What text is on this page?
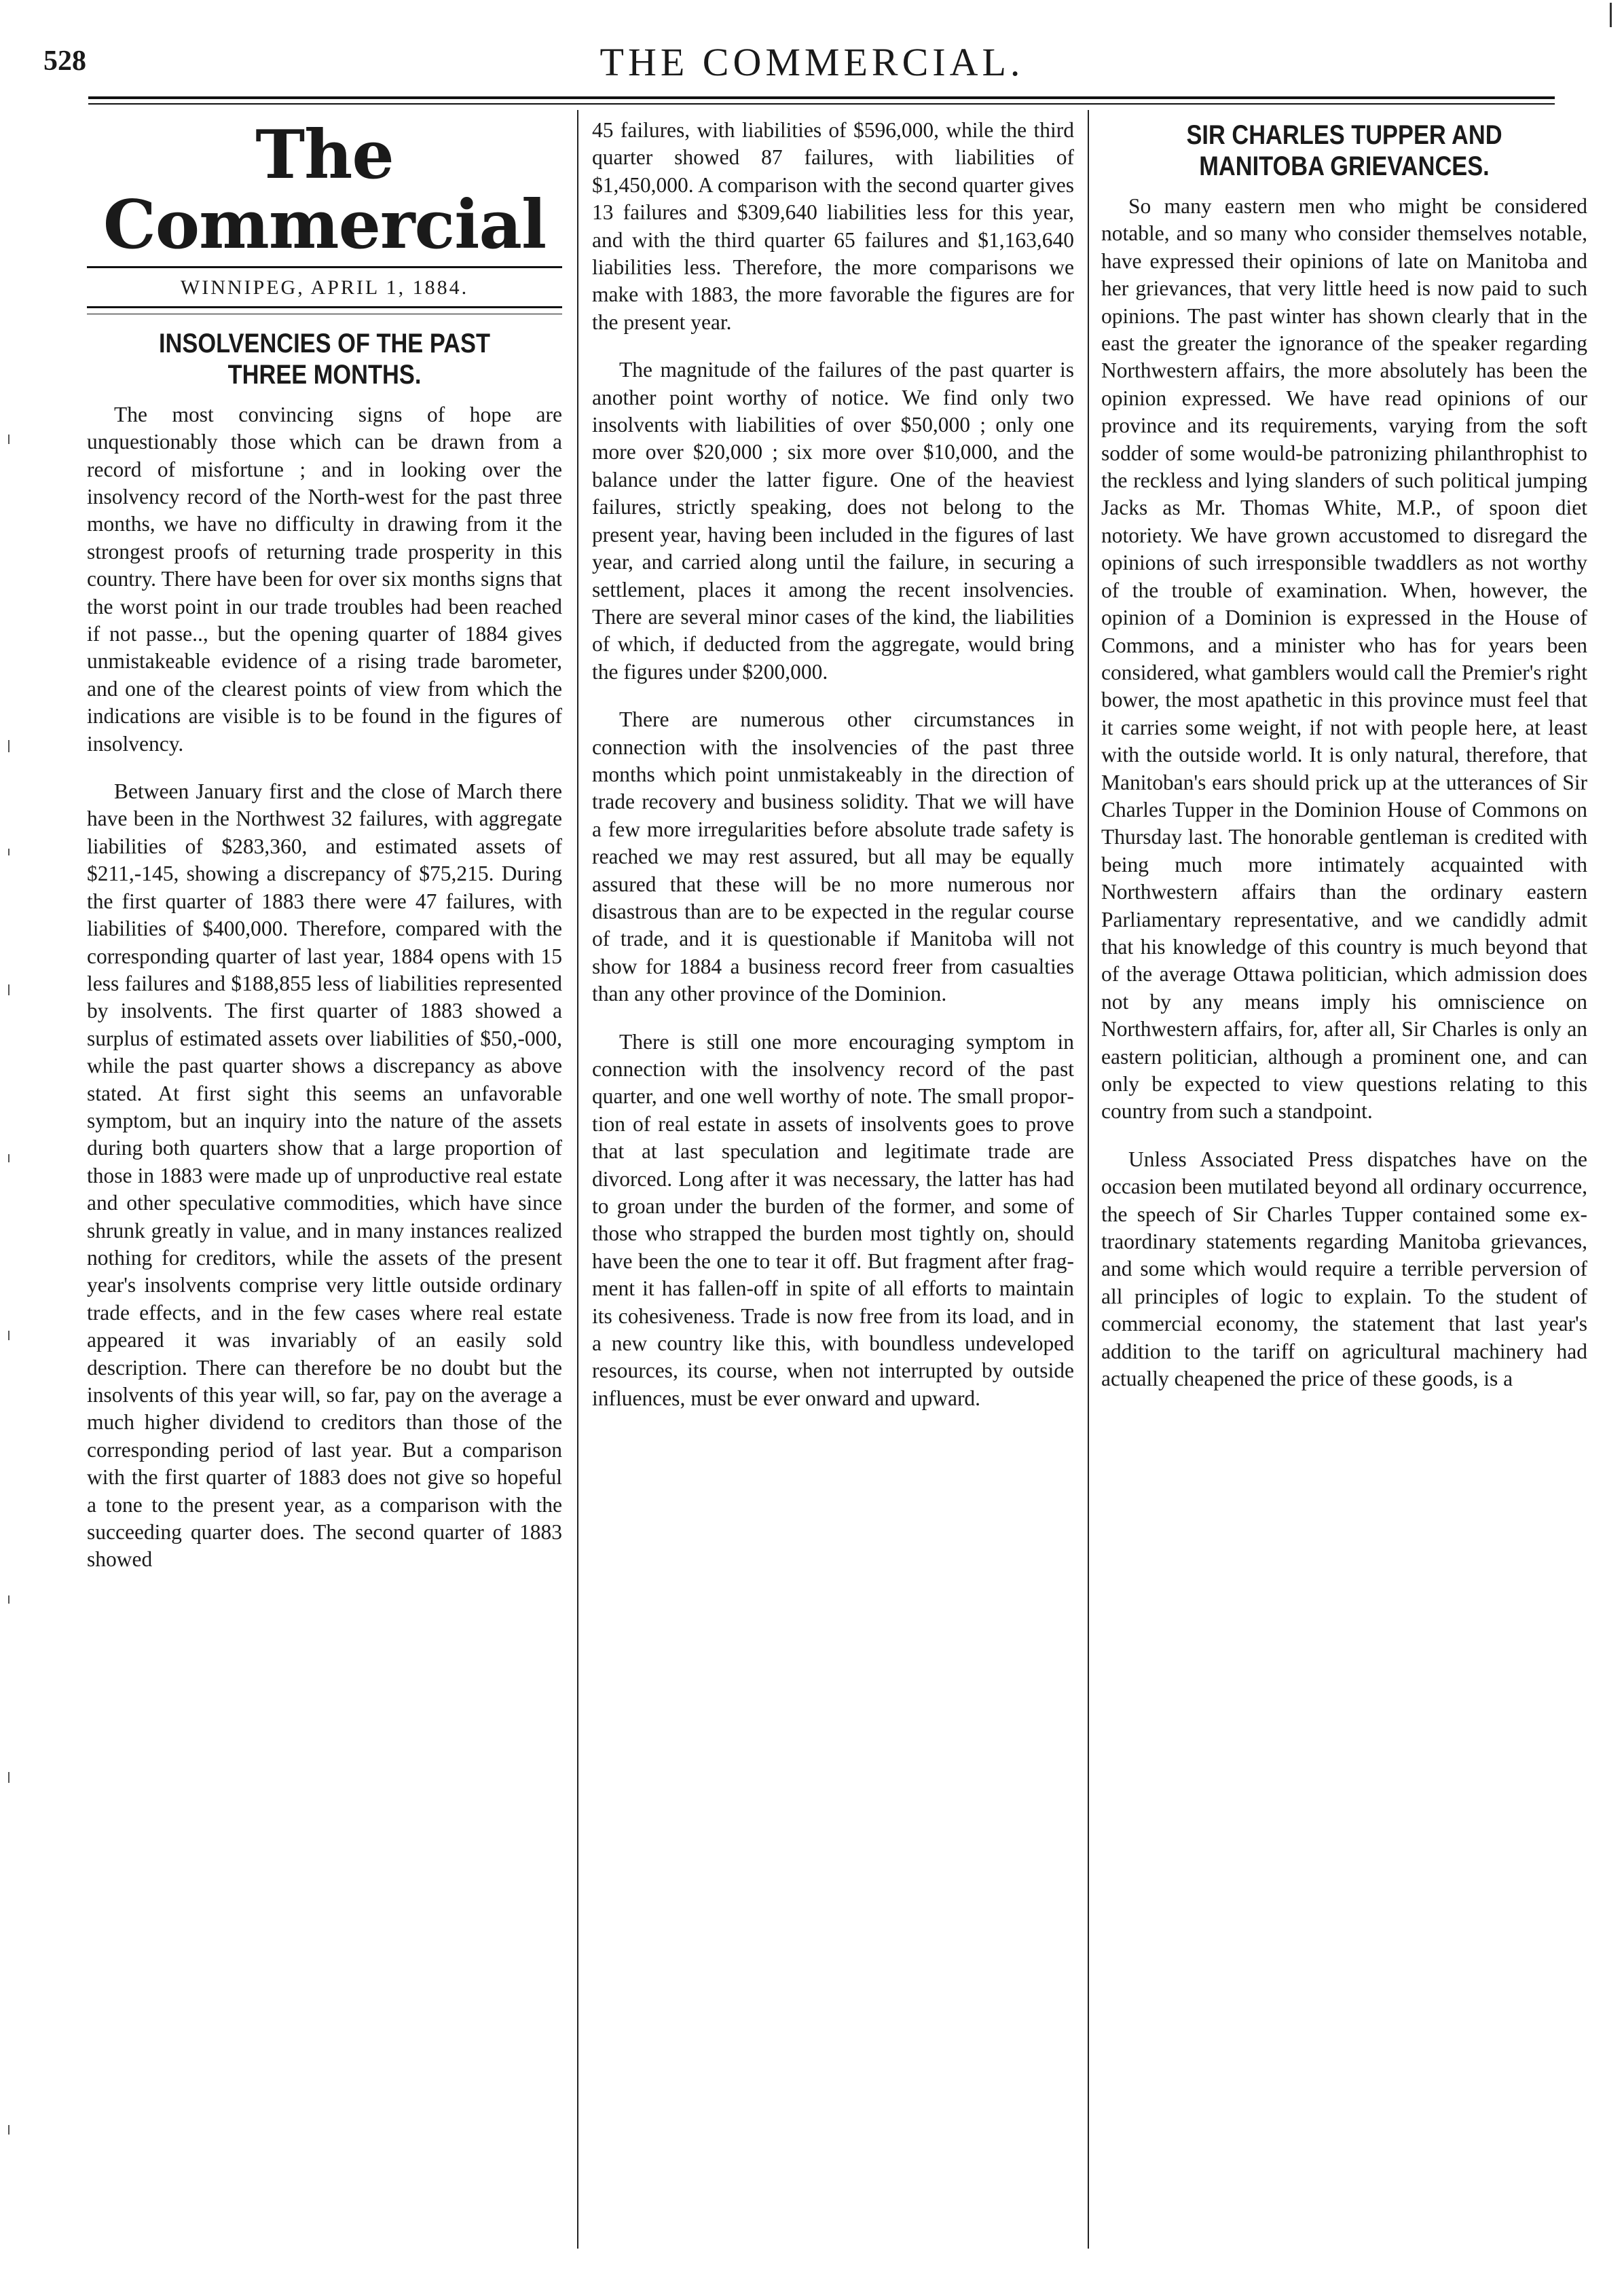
528	THE COMMERCIAL.
The Commercial
WINNIPEG, APRIL 1, 1884.
INSOLVENCIES OF THE PAST THREE MONTHS.

The most convincing signs of hope are unquestionably those which can be drawn from a record of misfortune ; and in looking over the insolvency record of the North-west for the past three months, we have no difficulty in drawing from it the strongest proofs of returning trade prosperity in this country. There have been for over six months signs that the worst point in our trade troubles had been reached if not passe.., but the opening quarter of 1884 gives unmistakeable evidence of a rising trade barometer, and one of the clearest points of view from which the indications are visible is to be found in the figures of insolvency.

Between January first and the close of March there have been in the Northwest 32 failures, with aggregate liabilities of $283,360, and estimated assets of $211,-145, showing a discrepancy of $75,215. During the first quarter of 1883 there were 47 failures, with liabilities of $400,000. Therefore, compared with the corresponding quarter of last year, 1884 opens with 15 less failures and $188,855 less of liabilities represented by insolvents. The first quarter of 1883 showed a surplus of estimated assets over liabilities of $50,-000, while the past quarter shows a discrepancy as above stated. At first sight this seems an unfavorable symptom, but an inquiry into the nature of the assets during both quarters show that a large proportion of those in 1883 were made up of unproductive real estate and other speculative commodities, which have since shrunk greatly in value, and in many instances realized nothing for creditors, while the assets of the present year's insolvents comprise very little outside ordinary trade effects, and in the few cases where real estate appeared it was invariably of an easily sold description. There can therefore be no doubt but the insolvents of this year will, so far, pay on the average a much higher dividend to creditors than those of the corresponding period of last year. But a comparison with the first quarter of 1883 does not give so hopeful a tone to the present year, as a comparison with the succeeding quarter does. The second quarter of 1883 showed

45 failures, with liabilities of $596,000, while the third quarter showed 87 failures, with liabilities of $1,450,000. A comparison with the second quarter gives 13 failures and $309,640 liabilities less for this year, and with the third quarter 65 failures and $1,163,640 liabilities less. Therefore, the more comparisons we make with 1883, the more favorable the figures are for the present year.

The magnitude of the failures of the past quarter is another point worthy of notice. We find only two insolvents with liabilities of over $50,000 ; only one more over $20,000 ; six more over $10,000, and the balance under the latter figure. One of the heaviest failures, strictly speaking, does not belong to the present year, having been included in the figures of last year, and carried along until the failure, in securing a settlement, places it among the recent insolvencies. There are several minor cases of the kind, the liabilities of which, if deducted from the aggregate, would bring the figures under $200,000.

There are numerous other circumstances in connection with the insolvencies of the past three months which point unmistakeably in the direction of trade recovery and business solidity. That we will have a few more irregularities before absolute trade safety is reached we may rest assured, but all may be equally assured that these will be no more numerous nor disastrous than are to be expected in the regular course of trade, and it is questionable if Manitoba will not show for 1884 a business record freer from casualties than any other province of the Dominion.

There is still one more encouraging symptom in connection with the insolvency record of the past quarter, and one well worthy of note. The small proportion of real estate in assets of insolvents goes to prove that at last speculation and legitimate trade are divorced. Long after it was necessary, the latter has had to groan under the burden of the former, and some of those who strapped the burden most tightly on, should have been the one to tear it off. But fragment after fragment it has fallen-off in spite of all efforts to maintain its cohesiveness. Trade is now free from its load, and in a new country like this, with boundless undeveloped resources, its course, when not interrupted by outside influences, must be ever onward and upward.

SIR CHARLES TUPPER AND MANITOBA GRIEVANCES.

So many eastern men who might be considered notable, and so many who consider themselves notable, have expressed their opinions of late on Manitoba and her grievances, that very little heed is now paid to such opinions. The past winter has shown clearly that in the east the greater the ignorance of the speaker regarding Northwestern affairs, the more absolutely has been the opinion expressed. We have read opinions of our province and its requirements, varying from the soft sodder of some would-be patronizing philanthrophist to the reckless and lying slanders of such political jumping Jacks as Mr. Thomas White, M.P., of spoon diet notoriety. We have grown accustomed to disregard the opinions of such irresponsible twaddlers as not worthy of the trouble of examination. When, however, the opinion of a Dominion is expressed in the House of Commons, and a minister who has for years been considered, what gamblers would call the Premier's right bower, the most apathetic in this province must feel that it carries some weight, if not with people here, at least with the outside world. It is only natural, therefore, that Manitoban's ears should prick up at the utterances of Sir Charles Tupper in the Dominion House of Commons on Thursday last. The honorable gentleman is credited with being much more intimately acquainted with Northwestern affairs than the ordinary eastern Parliamentary representative, and we candidly admit that his knowledge of this country is much beyond that of the average Ottawa politician, which admission does not by any means imply his omniscience on Northwestern affairs, for, after all, Sir Charles is only an eastern politician, although a prominent one, and can only be expected to view questions relating to this country from such a standpoint.

Unless Associated Press dispatches have on the occasion been mutilated beyond all ordinary occurrence, the speech of Sir Charles Tupper contained some extraordinary statements regarding Manitoba grievances, and some which would require a terrible perversion of all principles of logic to explain. To the student of commercial economy, the statement that last year's addition to the tariff on agricultural machinery had actually cheapened the price of these goods, is a
